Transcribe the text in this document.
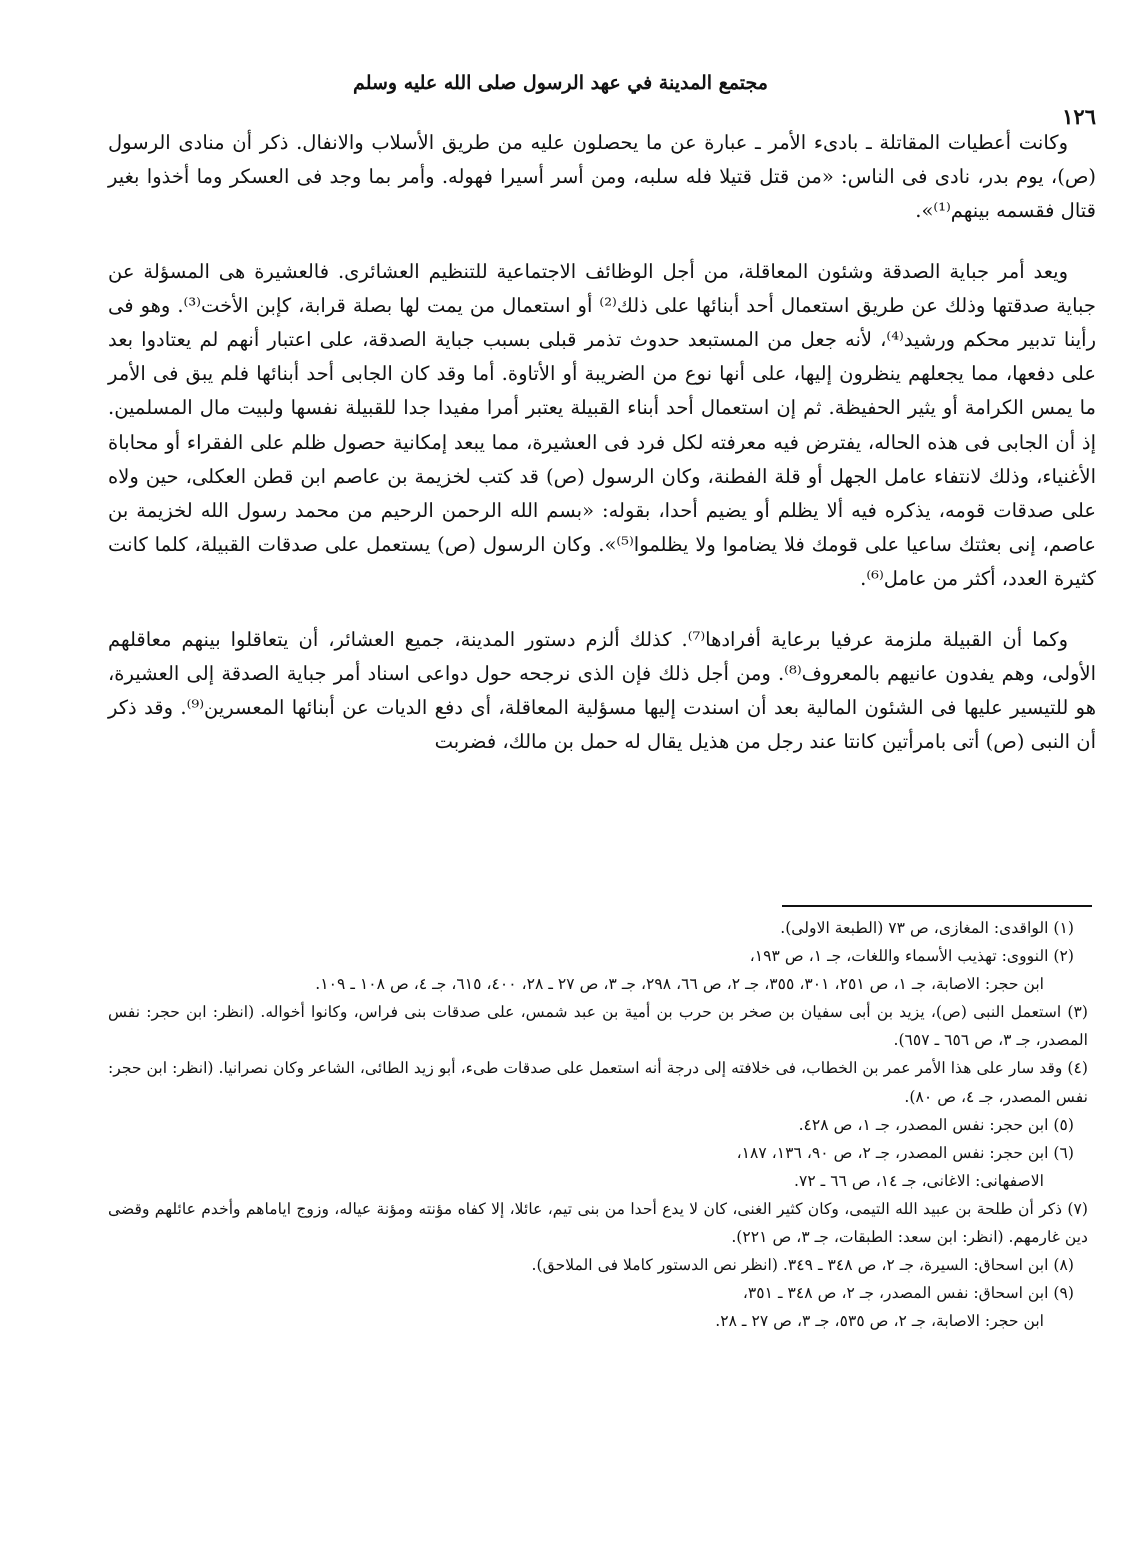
مجتمع المدينة في عهد الرسول صلى الله عليه وسلم
١٢٦

وكانت أعطيات المقاتلة ـ بادىء الأمر ـ عبارة عن ما يحصلون عليه من طريق الأسلاب والانفال. ذكر أن منادى الرسول (ص)، يوم بدر، نادى فى الناس: «من قتل قتيلا فله سلبه، ومن أسر أسيرا فهوله. وأمر بما وجد فى العسكر وما أخذوا بغير قتال فقسمه بينهم⁽¹⁾».

ويعد أمر جباية الصدقة وشئون المعاقلة، من أجل الوظائف الاجتماعية للتنظيم العشائرى. فالعشيرة هى المسؤلة عن جباية صدقتها وذلك عن طريق استعمال أحد أبنائها على ذلك⁽²⁾ أو استعمال من يمت لها بصلة قرابة، كإبن الأخت⁽³⁾. وهو فى رأينا تدبير محكم ورشيد⁽⁴⁾، لأنه جعل من المستبعد حدوث تذمر قبلى بسبب جباية الصدقة، على اعتبار أنهم لم يعتادوا بعد على دفعها، مما يجعلهم ينظرون إليها، على أنها نوع من الضريبة أو الأتاوة. أما وقد كان الجابى أحد أبنائها فلم يبق فى الأمر ما يمس الكرامة أو يثير الحفيظة. ثم إن استعمال أحد أبناء القبيلة يعتبر أمرا مفيدا جدا للقبيلة نفسها ولبيت مال المسلمين. إذ أن الجابى فى هذه الحاله، يفترض فيه معرفته لكل فرد فى العشيرة، مما يبعد إمكانية حصول ظلم على الفقراء أو محاباة الأغنياء، وذلك لانتفاء عامل الجهل أو قلة الفطنة، وكان الرسول (ص) قد كتب لخزيمة بن عاصم ابن قطن العكلى، حين ولاه على صدقات قومه، يذكره فيه ألا يظلم أو يضيم أحدا، بقوله: «بسم الله الرحمن الرحيم من محمد رسول الله لخزيمة بن عاصم، إنى بعثتك ساعيا على قومك فلا يضاموا ولا يظلموا⁽⁵⁾». وكان الرسول (ص) يستعمل على صدقات القبيلة، كلما كانت كثيرة العدد، أكثر من عامل⁽⁶⁾.

وكما أن القبيلة ملزمة عرفيا برعاية أفرادها⁽⁷⁾. كذلك ألزم دستور المدينة، جميع العشائر، أن يتعاقلوا بينهم معاقلهم الأولى، وهم يفدون عانيهم بالمعروف⁽⁸⁾. ومن أجل ذلك فإن الذى نرجحه حول دواعى اسناد أمر جباية الصدقة إلى العشيرة، هو للتيسير عليها فى الشئون المالية بعد أن اسندت إليها مسؤلية المعاقلة، أى دفع الديات عن أبنائها المعسرين⁽⁹⁾. وقد ذكر أن النبى (ص) أتى بامرأتين كانتا عند رجل من هذيل يقال له حمل بن مالك، فضربت

(١) الواقدى: المغازى، ص ٧٣ (الطبعة الاولى).

(٢) النووى: تهذيب الأسماء واللغات، جـ ١، ص ١٩٣،

ابن حجر: الاصابة، جـ ١، ص ٢٥١، ٣٠١، ٣٥٥، جـ ٢، ص ٦٦، ٢٩٨، جـ ٣، ص ٢٧ ـ ٢٨، ٤٠٠، ٦١٥، جـ ٤، ص ١٠٨ ـ ١٠٩.

(٣) استعمل النبى (ص)، يزيد بن أبى سفيان بن صخر بن حرب بن أمية بن عبد شمس، على صدقات بنى فراس، وكانوا أخواله. (انظر: ابن حجر: نفس المصدر، جـ ٣، ص ٦٥٦ ـ ٦٥٧).

(٤) وقد سار على هذا الأمر عمر بن الخطاب، فى خلافته إلى درجة أنه استعمل على صدقات طىء، أبو زيد الطائى، الشاعر وكان نصرانيا. (انظر: ابن حجر: نفس المصدر، جـ ٤، ص ٨٠).

(٥) ابن حجر: نفس المصدر، جـ ١، ص ٤٢٨.

(٦) ابن حجر: نفس المصدر، جـ ٢، ص ٩٠، ١٣٦، ١٨٧،

الاصفهانى: الاغانى، جـ ١٤، ص ٦٦ ـ ٧٢.

(٧) ذكر أن طلحة بن عبيد الله التيمى، وكان كثير الغنى، كان لا يدع أحدا من بنى تيم، عائلا، إلا كفاه مؤنته ومؤنة عياله، وزوج اياماهم وأخدم عائلهم وقضى دين غارمهم. (انظر: ابن سعد: الطبقات، جـ ٣، ص ٢٢١).

(٨) ابن اسحاق: السيرة، جـ ٢، ص ٣٤٨ ـ ٣٤٩. (انظر نص الدستور كاملا فى الملاحق).

(٩) ابن اسحاق: نفس المصدر، جـ ٢، ص ٣٤٨ ـ ٣٥١،

ابن حجر: الاصابة، جـ ٢، ص ٥٣٥، جـ ٣، ص ٢٧ ـ ٢٨.
